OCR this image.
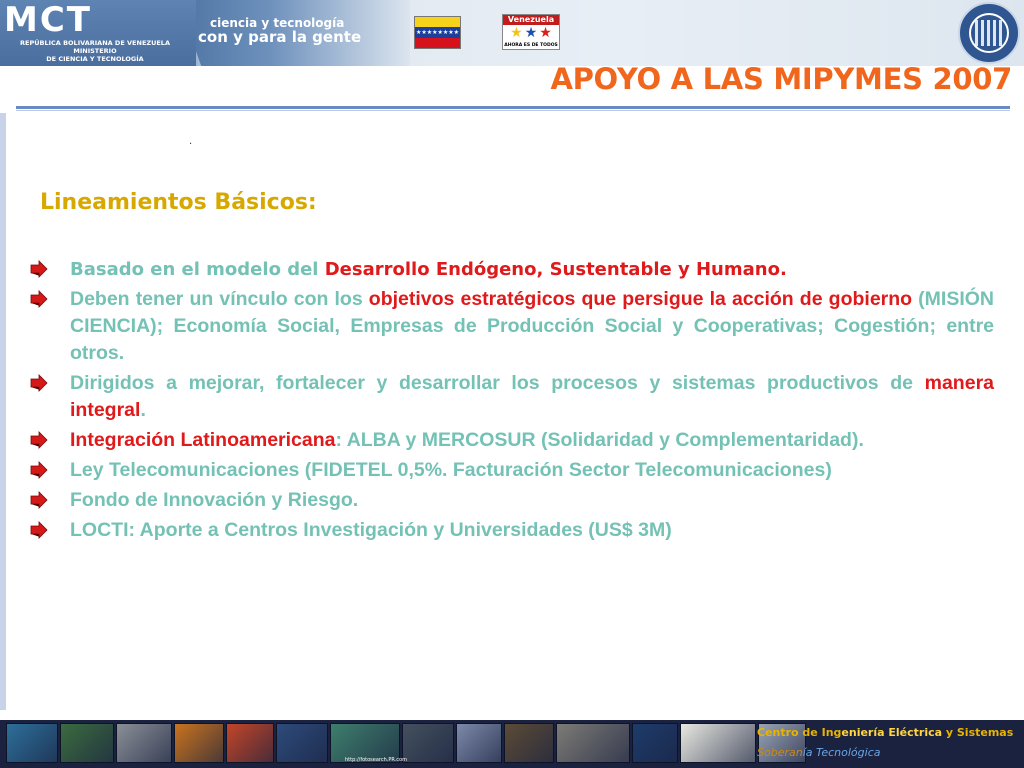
MCT
REPÚBLICA BOLIVARIANA DE VENEZUELA
MINISTERIO
DE CIENCIA Y TECNOLOGÍA
ciencia y tecnología
con y para la gente	★★★★★★★★
Venezuela
★ ★ ★
AHORA ES DE TODOS
APOYO A LAS MIPYMES 2007
.
Lineamientos Básicos:
Basado en el modelo del Desarrollo Endógeno, Sustentable y Humano.
Deben tener un vínculo con los objetivos estratégicos que persigue la acción de gobierno (MISIÓN CIENCIA); Economía Social, Empresas de Producción Social y Cooperativas; Cogestión; entre otros.
Dirigidos a mejorar, fortalecer y desarrollar los procesos y sistemas productivos de manera integral.
Integración Latinoamericana: ALBA y MERCOSUR (Solidaridad y Complementaridad).
Ley Telecomunicaciones (FIDETEL 0,5%. Facturación Sector Telecomunicaciones)
Fondo de Innovación y Riesgo.
LOCTI: Aporte a Centros Investigación y Universidades (US$ 3M)
http://fotosearch.PR.com
Centro de Ingeniería Eléctrica y Sistemas
Soberanía Tecnológica
